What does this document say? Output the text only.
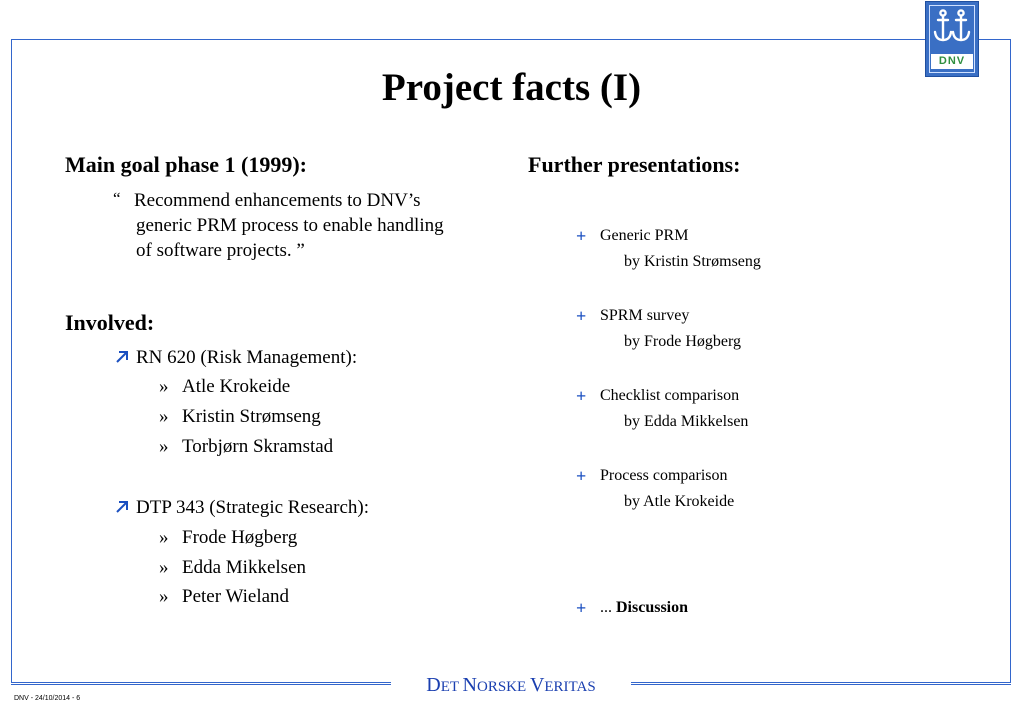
DNV
Project facts (I)
Main goal phase 1 (1999):
“ Recommend enhancements to DNV’s
generic PRM process to enable handling
of software projects. ”
Involved:
RN 620 (Risk Management):
» Atle Krokeide
» Kristin Strømseng
» Torbjørn Skramstad
DTP 343 (Strategic Research):
» Frode Høgberg
» Edda Mikkelsen
» Peter Wieland
Further presentations:
+ Generic PRM
by Kristin Strømseng
+ SPRM survey
by Frode Høgberg
+ Checklist comparison
by Edda Mikkelsen
+ Process comparison
by Atle Krokeide
+ ... Discussion
DET NORSKE VERITAS
DNV - 24/10/2014 - 6
